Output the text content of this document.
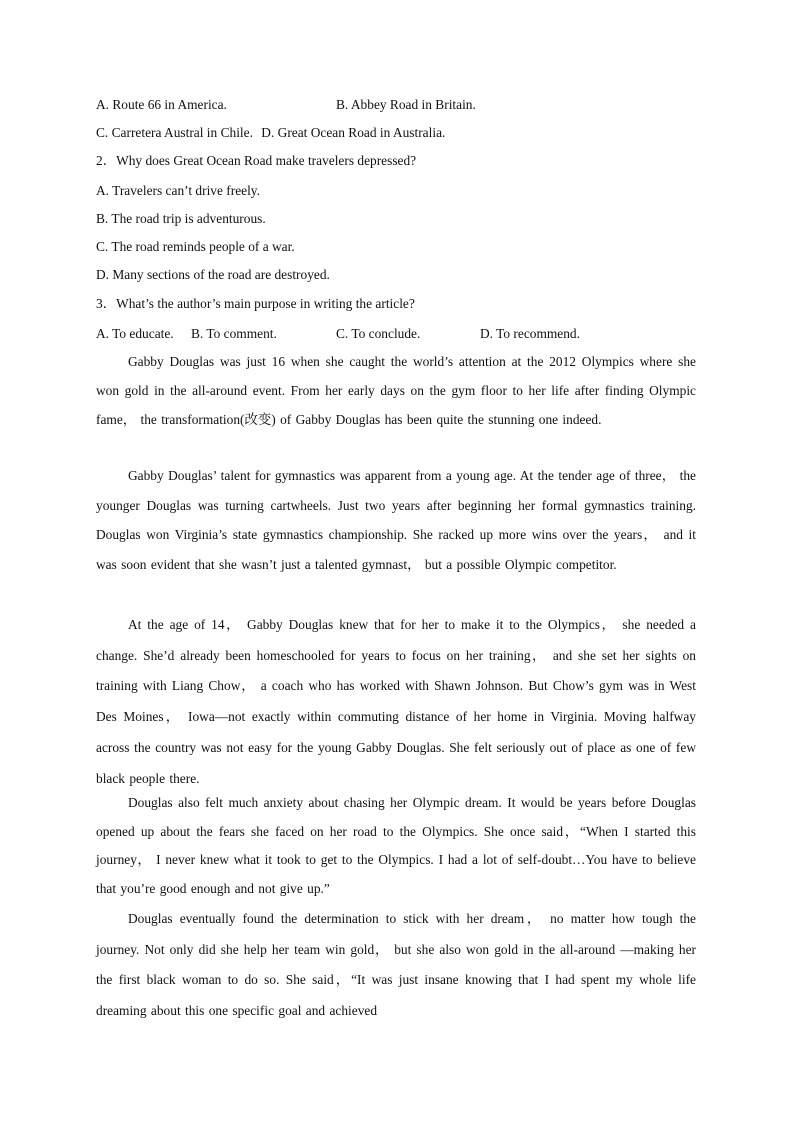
A. Route 66 in America.	B. Abbey Road in Britain.
C. Carretera Austral in Chile. D. Great Ocean Road in Australia.
2．Why does Great Ocean Road make travelers depressed?
A. Travelers can’t drive freely.
B. The road trip is adventurous.
C. The road reminds people of a war.
D. Many sections of the road are destroyed.
3．What’s the author’s main purpose in writing the article?
A. To educate. B. To comment.	C. To conclude.	D. To recommend.
Gabby Douglas was just 16 when she caught the world’s attention at the 2012 Olympics where she won gold in the all-around event. From her early days on the gym floor to her life after finding Olympic fame， the transformation(改变) of Gabby Douglas has been quite the stunning one indeed.
Gabby Douglas’ talent for gymnastics was apparent from a young age. At the tender age of three， the younger Douglas was turning cartwheels. Just two years after beginning her formal gymnastics training. Douglas won Virginia’s state gymnastics championship. She racked up more wins over the years， and it was soon evident that she wasn’t just a talented gymnast， but a possible Olympic competitor.
At the age of 14， Gabby Douglas knew that for her to make it to the Olympics， she needed a change. She’d already been homeschooled for years to focus on her training， and she set her sights on training with Liang Chow， a coach who has worked with Shawn Johnson. But Chow’s gym was in West Des Moines， Iowa—not exactly within commuting distance of her home in Virginia. Moving halfway across the country was not easy for the young Gabby Douglas. She felt seriously out of place as one of few black people there.
Douglas also felt much anxiety about chasing her Olympic dream. It would be years before Douglas opened up about the fears she faced on her road to the Olympics. She once said，“When I started this journey， I never knew what it took to get to the Olympics. I had a lot of self-doubt…You have to believe that you’re good enough and not give up.”
Douglas eventually found the determination to stick with her dream， no matter how tough the journey. Not only did she help her team win gold， but she also won gold in the all-around —making her the first black woman to do so. She said，“It was just insane knowing that I had spent my whole life dreaming about this one specific goal and achieved
